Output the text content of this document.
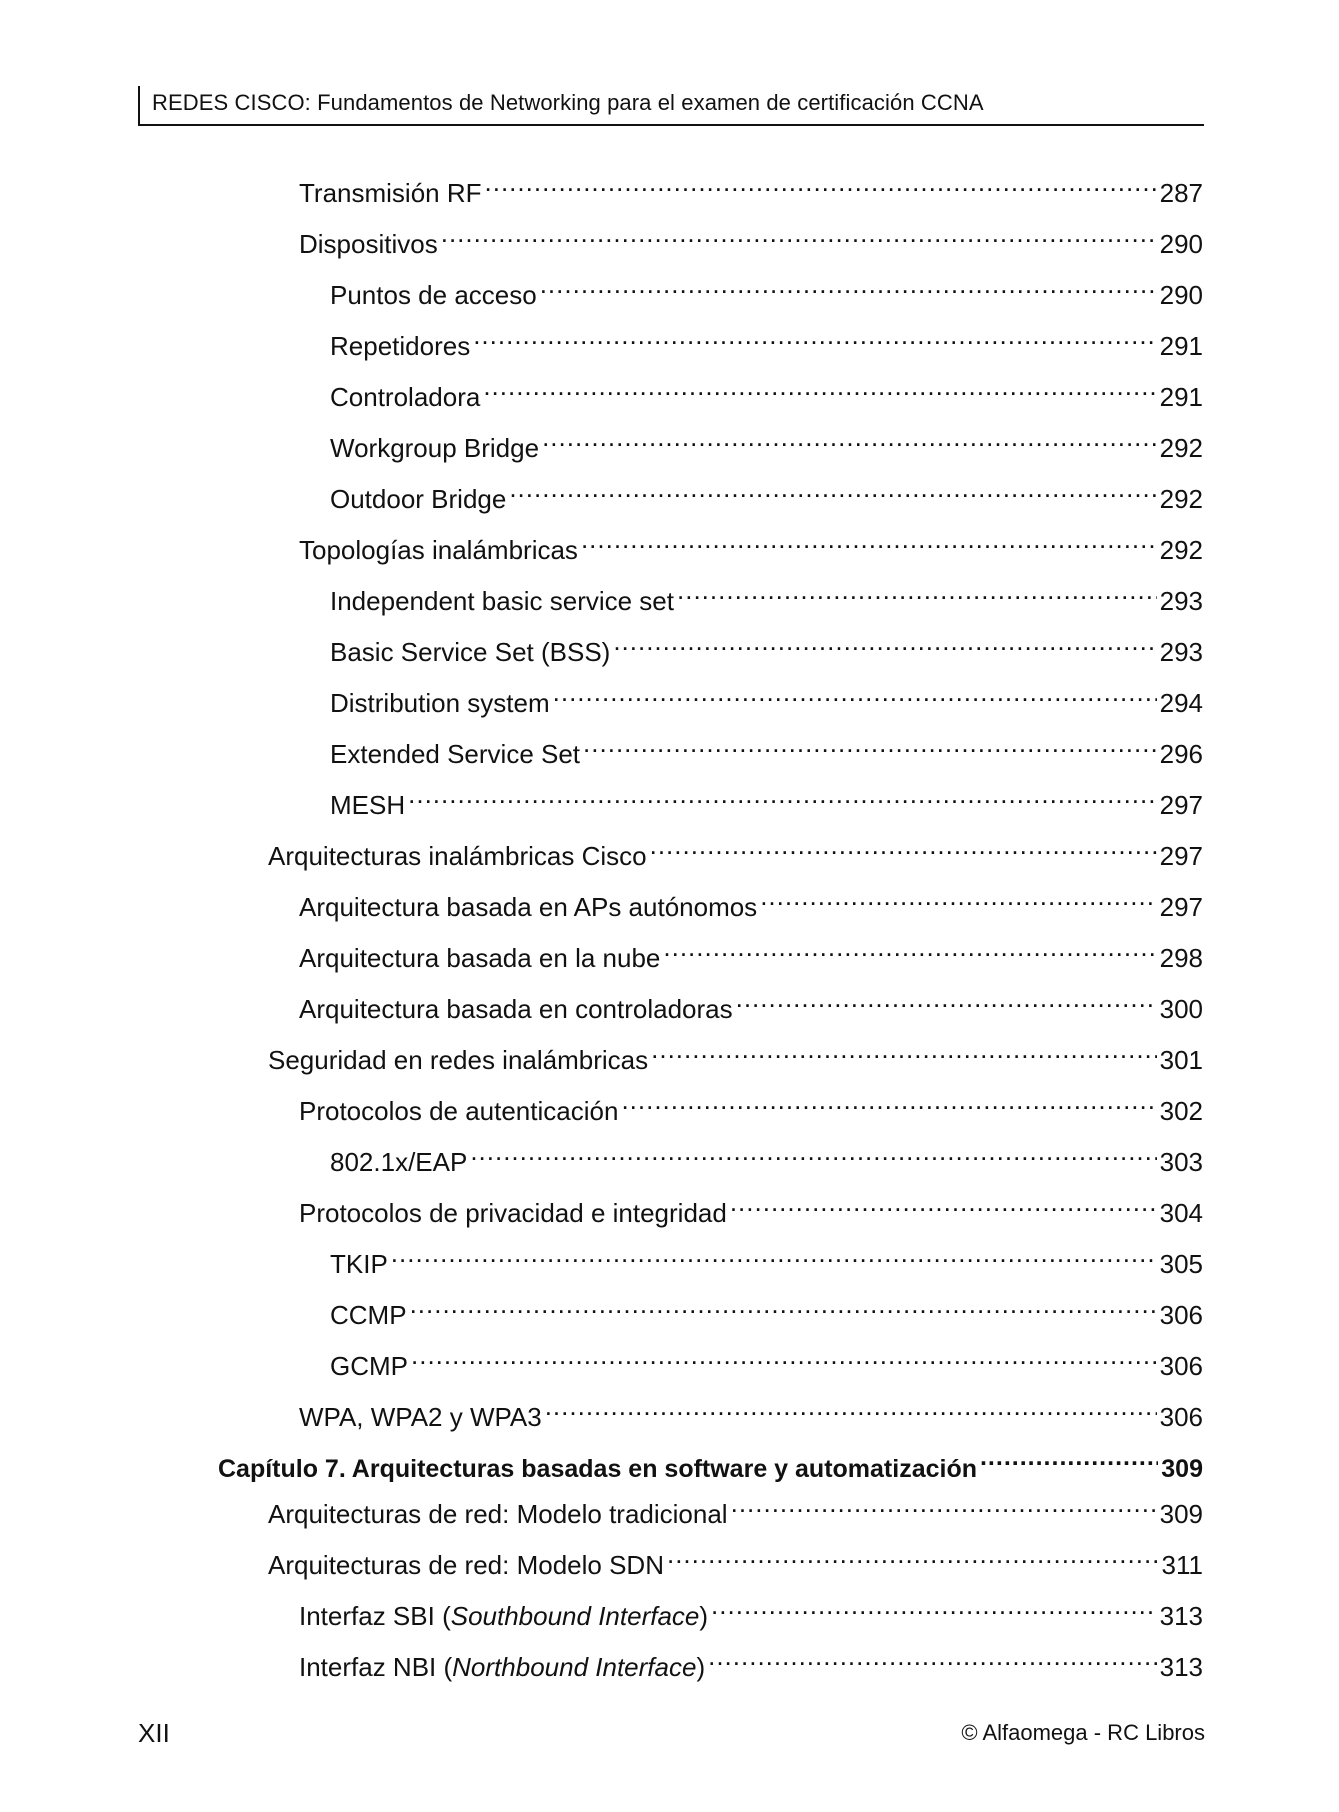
REDES CISCO: Fundamentos de Networking para el examen de certificación CCNA
Transmisión RF .....	287
Dispositivos .....	290
Puntos de acceso .....	290
Repetidores .....	291
Controladora .....	291
Workgroup Bridge .....	292
Outdoor Bridge .....	292
Topologías inalámbricas .....	292
Independent basic service set .....	293
Basic Service Set (BSS) .....	293
Distribution system .....	294
Extended Service Set .....	296
MESH .....	297
Arquitecturas inalámbricas Cisco .....	297
Arquitectura basada en APs autónomos .....	297
Arquitectura basada en la nube .....	298
Arquitectura basada en controladoras .....	300
Seguridad en redes inalámbricas .....	301
Protocolos de autenticación .....	302
802.1x/EAP .....	303
Protocolos de privacidad e integridad .....	304
TKIP .....	305
CCMP .....	306
GCMP .....	306
WPA, WPA2 y WPA3 .....	306
Capítulo 7. Arquitecturas basadas en software y automatización .....	309
Arquitecturas de red: Modelo tradicional .....	309
Arquitecturas de red: Modelo SDN .....	311
Interfaz SBI (Southbound Interface) .....	313
Interfaz NBI (Northbound Interface) .....	313
XII	© Alfaomega - RC Libros
